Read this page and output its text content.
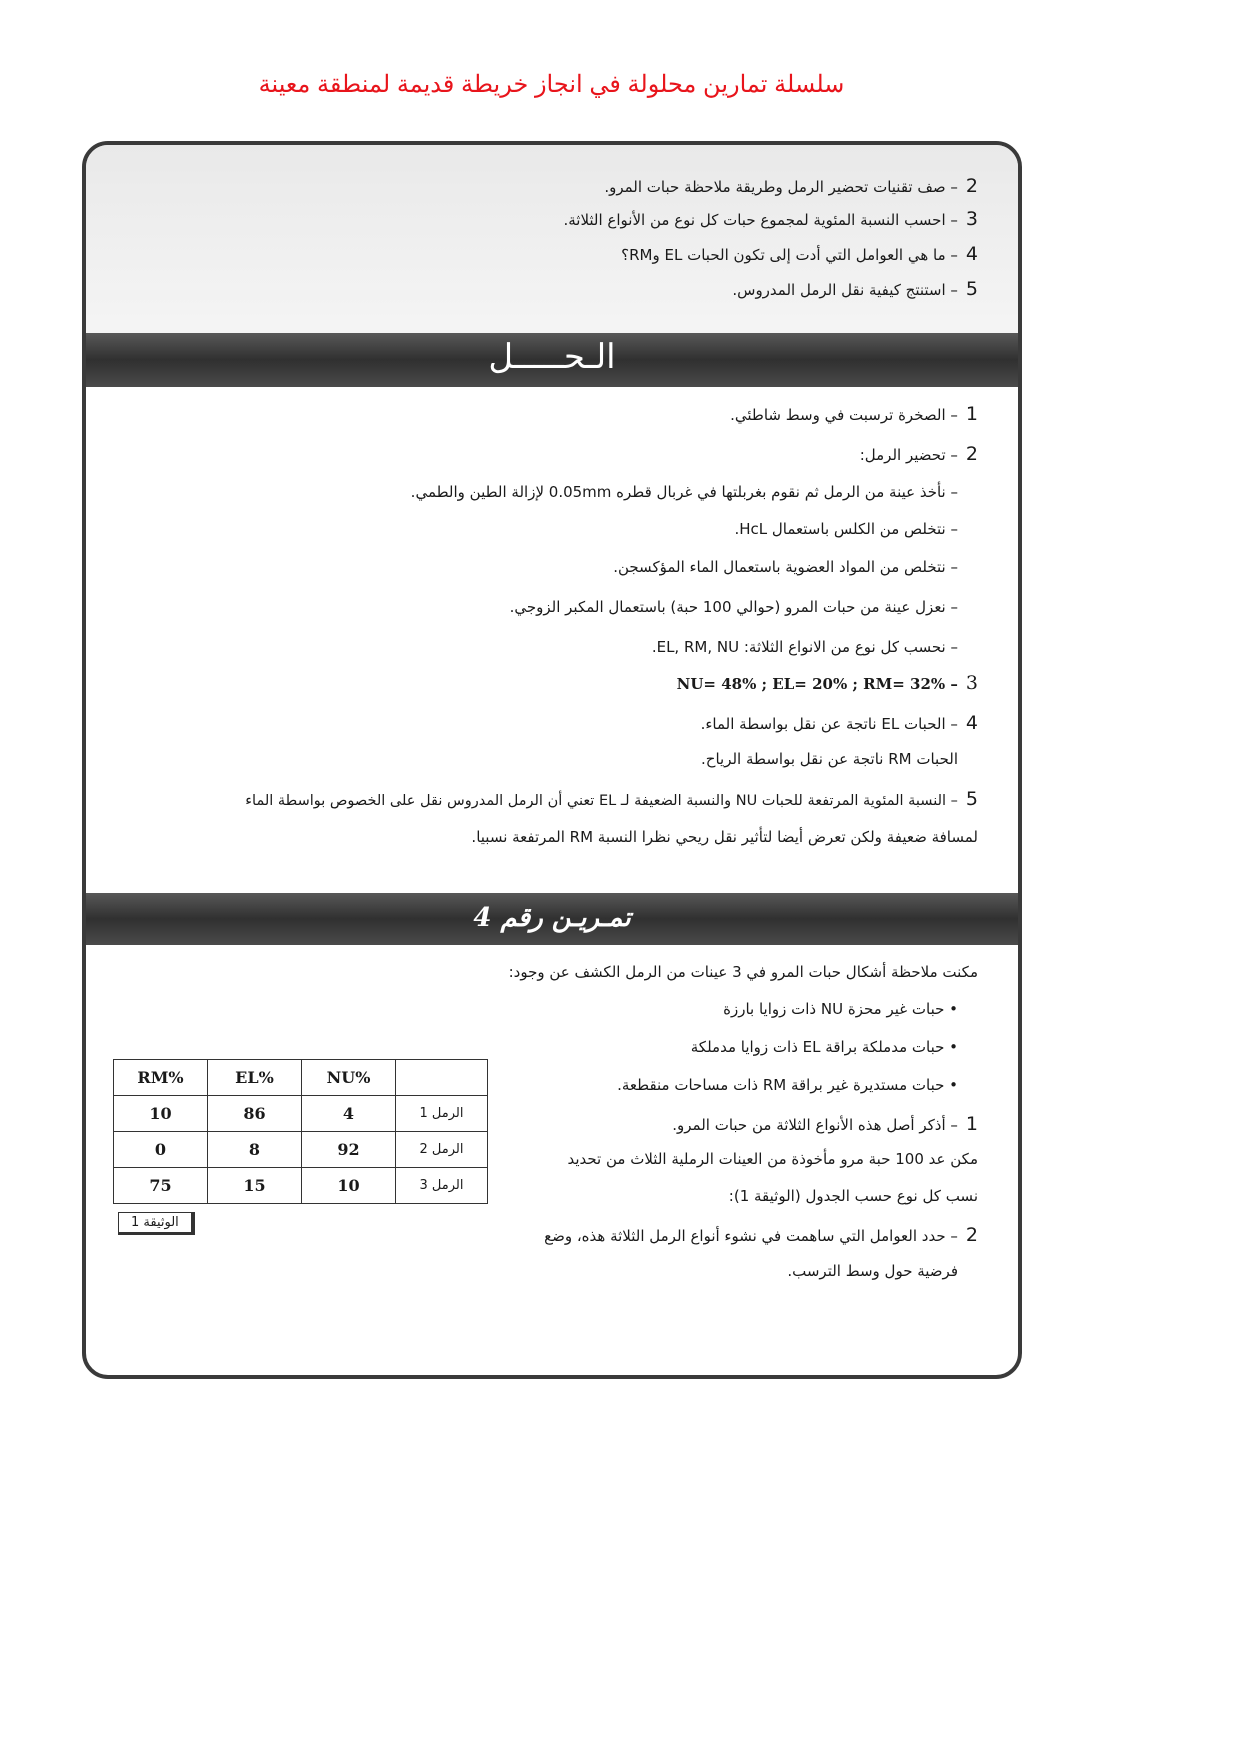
سلسلة تمارين محلولة في انجاز خريطة قديمة لمنطقة معينة
2– صف تقنيات تحضير الرمل وطريقة ملاحظة حبات المرو.
3– احسب النسبة المئوية لمجموع حبات كل نوع من الأنواع الثلاثة.
4– ما هي العوامل التي أدت إلى تكون الحبات EL وRM؟
5– استنتج كيفية نقل الرمل المدروس.
الـحـــــل
1– الصخرة ترسبت في وسط شاطئي.
2– تحضير الرمل:
– نأخذ عينة من الرمل ثم نقوم بغربلتها في غربال قطره 0.05mm لإزالة الطين والطمي.
– نتخلص من الكلس باستعمال HcL.
– نتخلص من المواد العضوية باستعمال الماء المؤكسجن.
– نعزل عينة من حبات المرو (حوالي 100 حبة) باستعمال المكبر الزوجي.
– نحسب كل نوع من الانواع الثلاثة: EL, RM, NU.
3– NU= 48% ; EL= 20% ; RM= 32%
4– الحبات EL ناتجة عن نقل بواسطة الماء.
الحبات RM ناتجة عن نقل بواسطة الرياح.
5– النسبة المئوية المرتفعة للحبات NU والنسبة الضعيفة لـ EL تعني أن الرمل المدروس نقل على الخصوص بواسطة الماء
لمسافة ضعيفة ولكن تعرض أيضا لتأثير نقل ريحي نظرا النسبة RM المرتفعة نسبيا.
تمـريـن رقم 4
مكنت ملاحظة أشكال حبات المرو في 3 عينات من الرمل الكشف عن وجود:
• حبات غير محزة NU ذات زوايا بارزة
• حبات مدملكة براقة EL ذات زوايا مدملكة
• حبات مستديرة غير براقة RM ذات مساحات منقطعة.
1– أذكر أصل هذه الأنواع الثلاثة من حبات المرو.
مكن عد 100 حبة مرو مأخوذة من العينات الرملية الثلاث من تحديد
نسب كل نوع حسب الجدول (الوثيقة 1):
2– حدد العوامل التي ساهمت في نشوء أنواع الرمل الثلاثة هذه، وضع
فرضية حول وسط الترسب.
	%NU	%EL	%RM
الرمل 1	4	86	10
الرمل 2	92	8	0
الرمل 3	10	15	75
الوثيقة 1
